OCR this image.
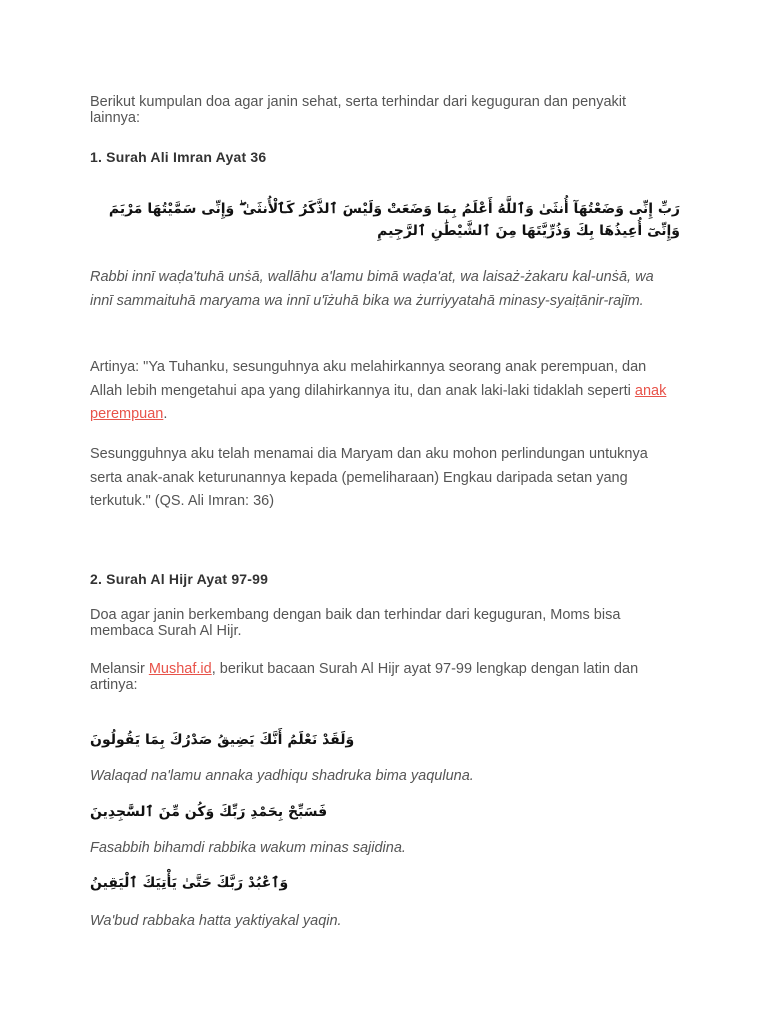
Berikut kumpulan doa agar janin sehat, serta terhindar dari keguguran dan penyakit lainnya:

1. Surah Ali Imran Ayat 36

رَبِّ إِنِّى وَضَعْتُهَآ أُنثَىٰ وَٱللَّهُ أَعْلَمُ بِمَا وَضَعَتْ وَلَيْسَ ٱلذَّكَرُ كَٱلْأُنثَىٰ ۖ وَإِنِّى سَمَّيْتُهَا مَرْيَمَ وَإِنِّىٓ أُعِيذُهَا بِكَ وَذُرِّيَّتَهَا مِنَ ٱلشَّيْطَٰنِ ٱلرَّجِيمِ

Rabbi innī waḍa'tuhā unṡā, wallāhu a'lamu bimā waḍa'at, wa laisaż-żakaru kal-unṡā, wa innī sammaituhā maryama wa innī u'īżuhā bika wa żurriyyatahā minasy-syaiṭānir-rajīm.

Artinya: "Ya Tuhanku, sesunguhnya aku melahirkannya seorang anak perempuan, dan Allah lebih mengetahui apa yang dilahirkannya itu, dan anak laki-laki tidaklah seperti anak perempuan.

Sesungguhnya aku telah menamai dia Maryam dan aku mohon perlindungan untuknya serta anak-anak keturunannya kepada (pemeliharaan) Engkau daripada setan yang terkutuk." (QS. Ali Imran: 36)

2. Surah Al Hijr Ayat 97-99

Doa agar janin berkembang dengan baik dan terhindar dari keguguran, Moms bisa membaca Surah Al Hijr.

Melansir Mushaf.id, berikut bacaan Surah Al Hijr ayat 97-99 lengkap dengan latin dan artinya:

وَلَقَدْ نَعْلَمُ أَنَّكَ يَضِيقُ صَدْرُكَ بِمَا يَقُولُونَ

Walaqad na'lamu annaka yadhiqu shadruka bima yaquluna.

فَسَبِّحْ بِحَمْدِ رَبِّكَ وَكُن مِّنَ ٱلسَّٰجِدِينَ

Fasabbih bihamdi rabbika wakum minas sajidina.

وَٱعْبُدْ رَبَّكَ حَتَّىٰ يَأْتِيَكَ ٱلْيَقِينُ

Wa'bud rabbaka hatta yaktiyakal yaqin.
